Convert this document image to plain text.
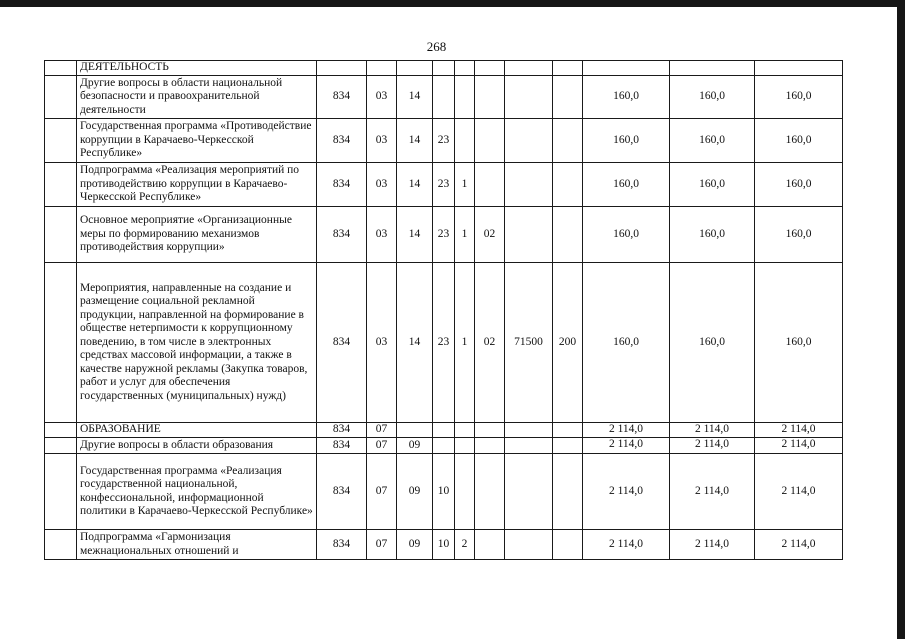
268
	ДЕЯТЕЛЬНОСТЬ											
	Другие вопросы в области национальной безопасности и правоохранительной деятельности	834	03	14						160,0	160,0	160,0
	Государственная программа «Противодействие коррупции в Карачаево-Черкесской Республике»	834	03	14	23					160,0	160,0	160,0
	Подпрограмма «Реализация мероприятий по противодействию коррупции в Карачаево-Черкесской Республике»	834	03	14	23	1				160,0	160,0	160,0
	Основное мероприятие «Организационные меры по формированию механизмов противодействия коррупции»	834	03	14	23	1	02			160,0	160,0	160,0
	Мероприятия, направленные на создание и размещение социальной рекламной продукции, направленной на формирование в обществе нетерпимости к коррупционному поведению, в том числе в электронных средствах массовой информации, а также в качестве наружной рекламы (Закупка товаров, работ и услуг для обеспечения государственных (муниципальных) нужд)	834	03	14	23	1	02	71500	200	160,0	160,0	160,0
	ОБРАЗОВАНИЕ	834	07							2 114,0	2 114,0	2 114,0
	Другие вопросы в области образования	834	07	09						2 114,0	2 114,0	2 114,0
	Государственная программа «Реализация государственной национальной, конфессиональной, информационной политики в Карачаево-Черкесской Республике»	834	07	09	10					2 114,0	2 114,0	2 114,0
	Подпрограмма «Гармонизация межнациональных отношений и	834	07	09	10	2				2 114,0	2 114,0	2 114,0
